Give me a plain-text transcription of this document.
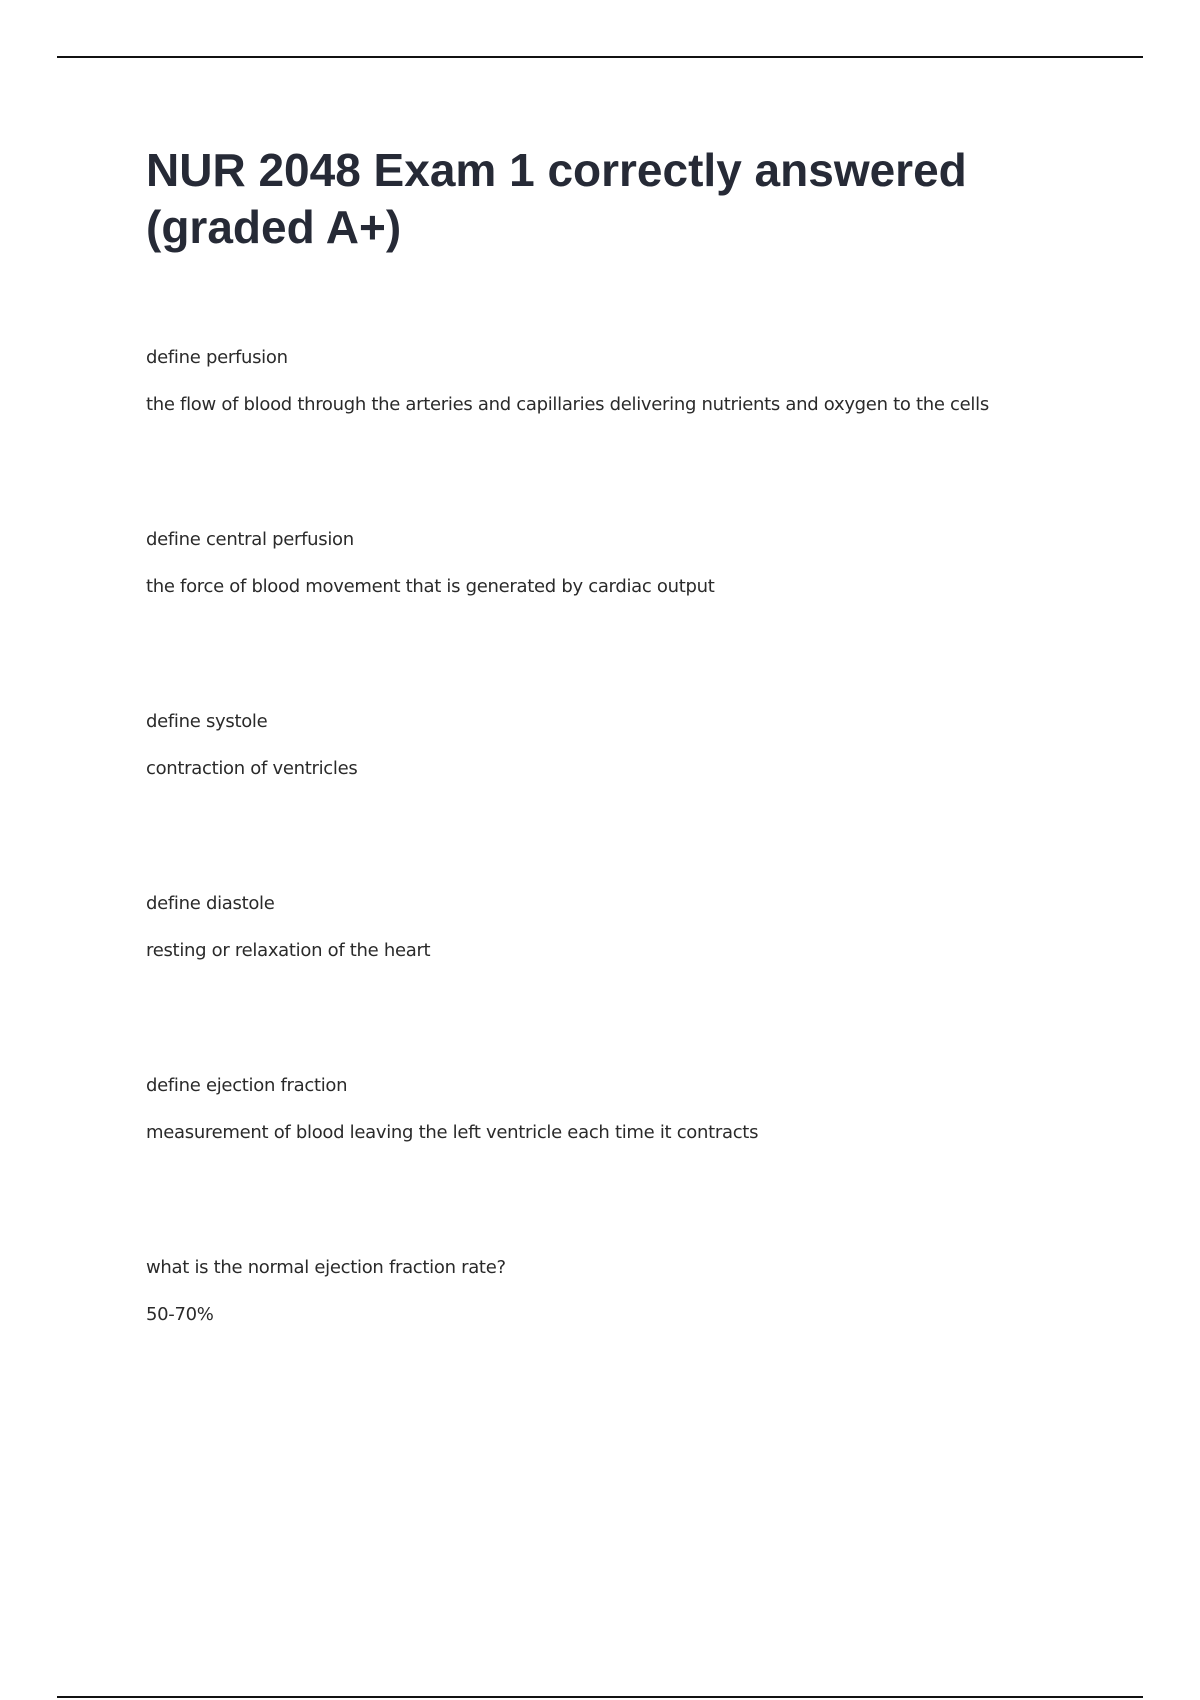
NUR 2048 Exam 1 correctly answered (graded A+)
define perfusion
the flow of blood through the arteries and capillaries delivering nutrients and oxygen to the cells
define central perfusion
the force of blood movement that is generated by cardiac output
define systole
contraction of ventricles
define diastole
resting or relaxation of the heart
define ejection fraction
measurement of blood leaving the left ventricle each time it contracts
what is the normal ejection fraction rate?
50-70%
